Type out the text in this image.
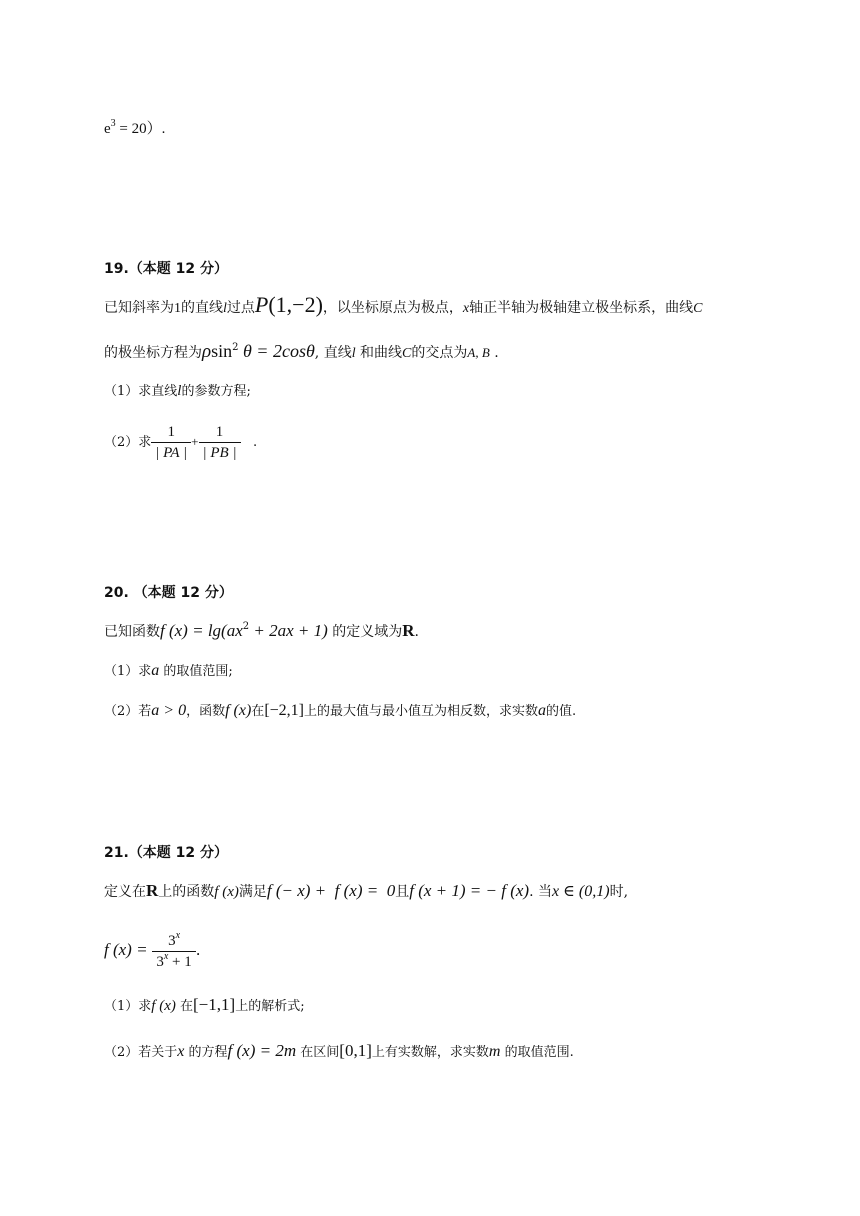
$e^3 = 20$）.
19.（本题 12 分）
已知斜率为1的直线l过点P(1,−2)，以坐标原点为极点，x轴正半轴为极轴建立极坐标系，曲线C
的极坐标方程为ρsin$^2$ θ = 2cosθ, 直线l 和曲线C的交点为A, B .
（1）求直线l的参数方程;
（2）求 $\frac{1}{| PA |} + \frac{1}{| PB |}$ .
20. （本题 12 分）
已知函数f $(x) = \lg(ax^2 + 2ax + 1)$ 的定义域为R.
（1）求a 的取值范围;
（2）若a > 0，函数f (x)在[−2,1]上的最大值与最小值互为相反数，求实数a的值.
21.（本题 12 分）
定义在R上的函数f (x)满足f (− x) +  f (x) =  0且f (x + 1) = − f (x). 当x ∈ (0,1)时,
f $(x) = \frac{3^x}{3^x + 1}$ .
（1）求f (x) 在[−1,1]上的解析式;
（2）若关于x 的方程f (x) = 2m 在区间[0,1]上有实数解，求实数m 的取值范围.
